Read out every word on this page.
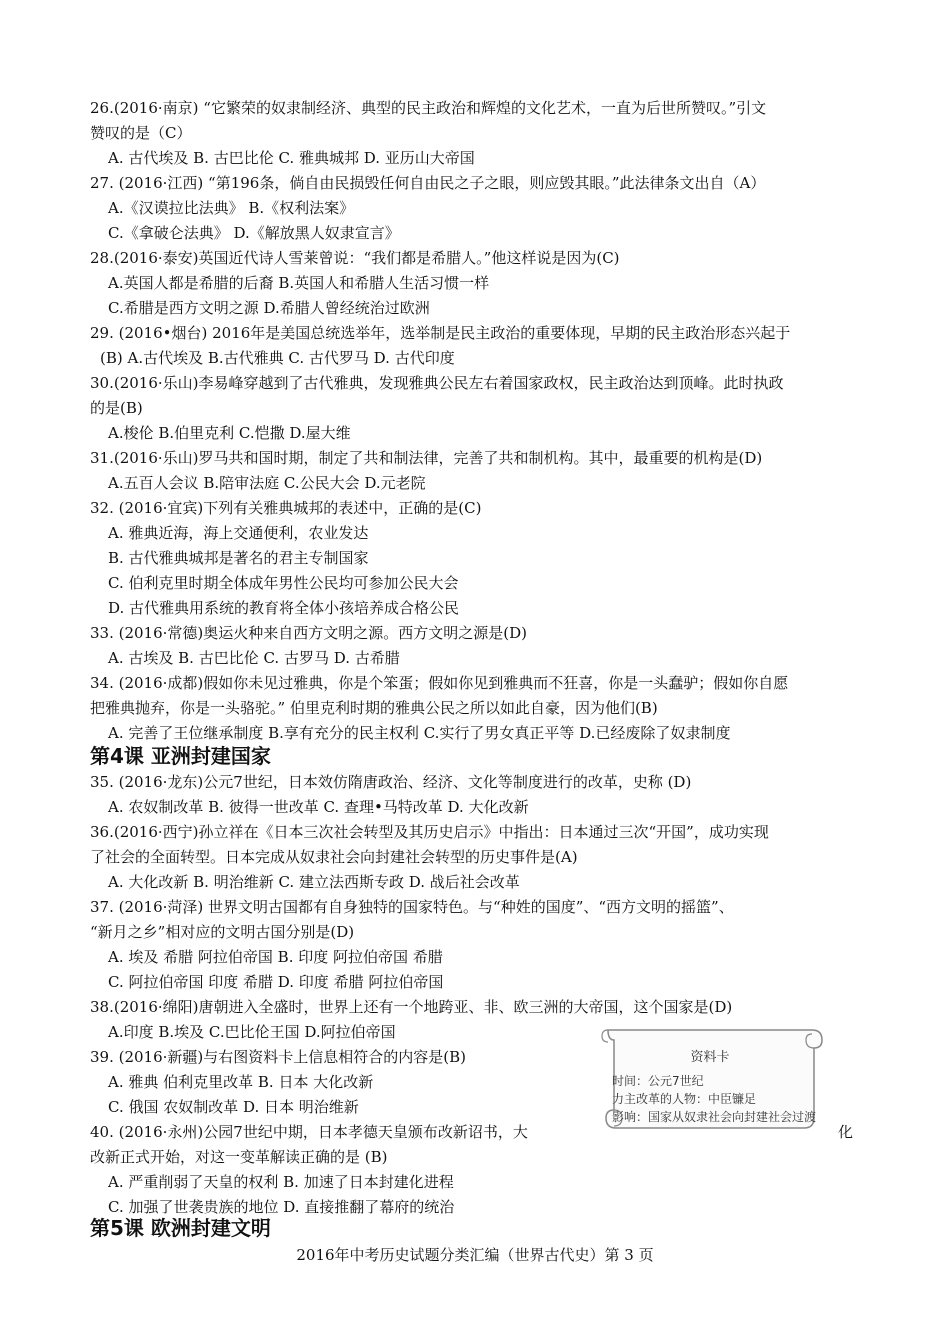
26.(2016·南京) “它繁荣的奴隶制经济、典型的民主政治和辉煌的文化艺术，一直为后世所赞叹。”引文
赞叹的是（C）
A. 古代埃及 B. 古巴比伦 C. 雅典城邦 D. 亚历山大帝国
27. (2016·江西) “第196条，倘自由民损毁任何自由民之子之眼，则应毁其眼。”此法律条文出自（A）
A.《汉谟拉比法典》 B.《权利法案》
C.《拿破仑法典》 D.《解放黑人奴隶宣言》
28.(2016·泰安)英国近代诗人雪莱曾说：“我们都是希腊人。”他这样说是因为(C)
A.英国人都是希腊的后裔 B.英国人和希腊人生活习惯一样
C.希腊是西方文明之源 D.希腊人曾经统治过欧洲
29. (2016•烟台) 2016年是美国总统选举年，选举制是民主政治的重要体现，早期的民主政治形态兴起于
(B) A.古代埃及 B.古代雅典 C. 古代罗马 D. 古代印度
30.(2016·乐山)李易峰穿越到了古代雅典，发现雅典公民左右着国家政权，民主政治达到顶峰。此时执政
的是(B)
A.梭伦 B.伯里克利 C.恺撒 D.屋大维
31.(2016·乐山)罗马共和国时期，制定了共和制法律，完善了共和制机构。其中，最重要的机构是(D)
A.五百人会议 B.陪审法庭 C.公民大会 D.元老院
32. (2016·宜宾)下列有关雅典城邦的表述中，正确的是(C)
A. 雅典近海，海上交通便利，农业发达
B. 古代雅典城邦是著名的君主专制国家
C. 伯利克里时期全体成年男性公民均可参加公民大会
D. 古代雅典用系统的教育将全体小孩培养成合格公民
33. (2016·常德)奥运火种来自西方文明之源。西方文明之源是(D)
A. 古埃及 B. 古巴比伦 C. 古罗马 D. 古希腊
34. (2016·成都)假如你未见过雅典，你是个笨蛋；假如你见到雅典而不狂喜，你是一头蠢驴；假如你自愿
把雅典抛弃，你是一头骆驼。” 伯里克利时期的雅典公民之所以如此自豪，因为他们(B)
A. 完善了王位继承制度 B.享有充分的民主权利 C.实行了男女真正平等 D.已经废除了奴隶制度
第4课 亚洲封建国家
35. (2016·龙东)公元7世纪，日本效仿隋唐政治、经济、文化等制度进行的改革，史称 (D)
A. 农奴制改革 B. 彼得一世改革 C. 查理•马特改革 D. 大化改新
36.(2016·西宁)孙立祥在《日本三次社会转型及其历史启示》中指出：日本通过三次“开国”，成功实现
了社会的全面转型。日本完成从奴隶社会向封建社会转型的历史事件是(A)
A. 大化改新 B. 明治维新 C. 建立法西斯专政 D. 战后社会改革
37. (2016·菏泽) 世界文明古国都有自身独特的国家特色。与“种姓的国度”、“西方文明的摇篮”、
“新月之乡”相对应的文明古国分别是(D)
A. 埃及 希腊 阿拉伯帝国 B. 印度 阿拉伯帝国 希腊
C. 阿拉伯帝国 印度 希腊 D. 印度 希腊 阿拉伯帝国
38.(2016·绵阳)唐朝进入全盛时，世界上还有一个地跨亚、非、欧三洲的大帝国，这个国家是(D)
A.印度 B.埃及 C.巴比伦王国 D.阿拉伯帝国
39. (2016·新疆)与右图资料卡上信息相符合的内容是(B)
A. 雅典 伯利克里改革 B. 日本 大化改新
C. 俄国 农奴制改革 D. 日本 明治维新
40. (2016·永州)公园7世纪中期，日本孝德天皇颁布改新诏书，大	化
改新正式开始，对这一变革解读正确的是 (B)
A. 严重削弱了天皇的权利 B. 加速了日本封建化进程
C. 加强了世袭贵族的地位 D. 直接推翻了幕府的统治
第5课 欧洲封建文明
资料卡
时间：公元7世纪
力主改革的人物：中臣镰足
影响：国家从奴隶社会向封建社会过渡
2016年中考历史试题分类汇编（世界古代史）第 3 页
